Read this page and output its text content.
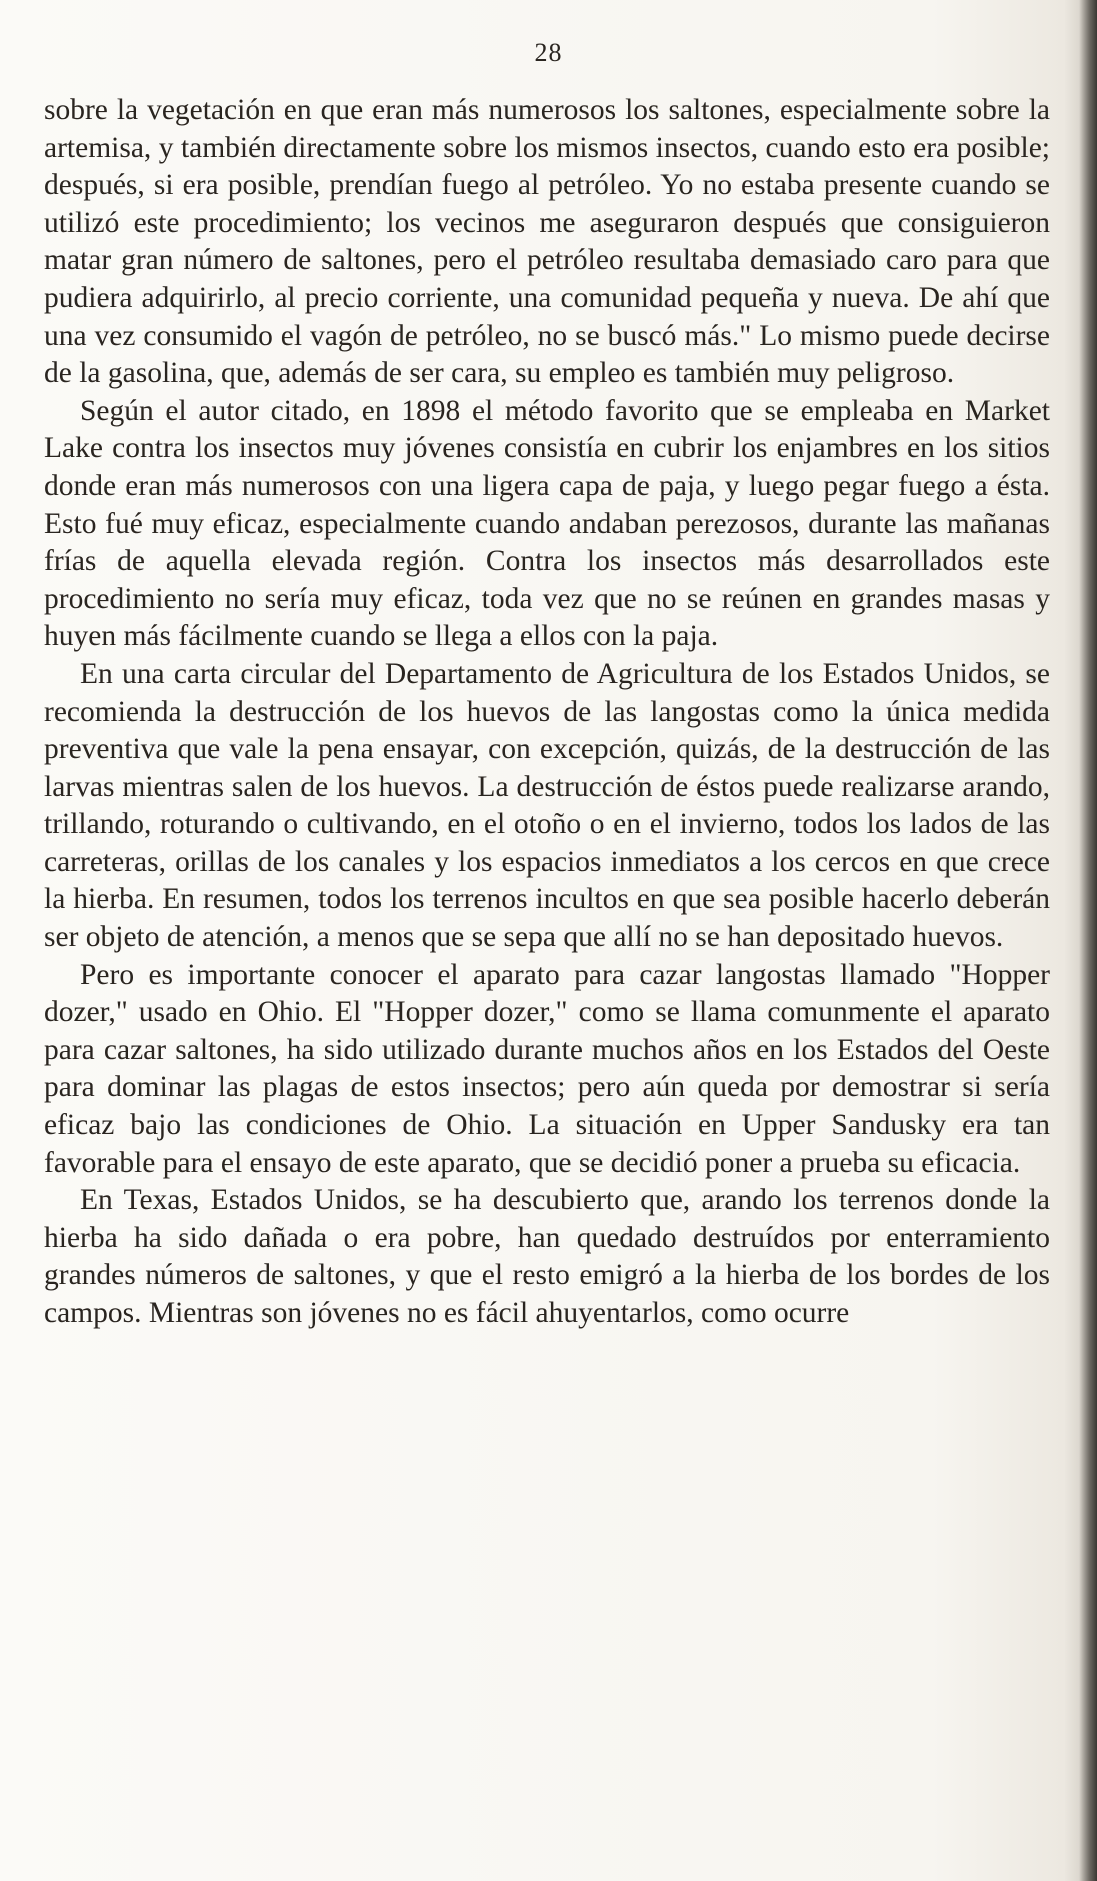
28

sobre la vegetación en que eran más numerosos los saltones, especialmente sobre la artemisa, y también directamente sobre los mismos insectos, cuando esto era posible; después, si era posible, prendían fuego al petróleo. Yo no estaba presente cuando se utilizó este procedimiento; los vecinos me aseguraron después que consiguieron matar gran número de saltones, pero el petróleo resultaba demasiado caro para que pudiera adquirirlo, al precio corriente, una comunidad pequeña y nueva. De ahí que una vez consumido el vagón de petróleo, no se buscó más." Lo mismo puede decirse de la gasolina, que, además de ser cara, su empleo es también muy peligroso.

Según el autor citado, en 1898 el método favorito que se empleaba en Market Lake contra los insectos muy jóvenes consistía en cubrir los enjambres en los sitios donde eran más numerosos con una ligera capa de paja, y luego pegar fuego a ésta. Esto fué muy eficaz, especialmente cuando andaban perezosos, durante las mañanas frías de aquella elevada región. Contra los insectos más desarrollados este procedimiento no sería muy eficaz, toda vez que no se reúnen en grandes masas y huyen más fácilmente cuando se llega a ellos con la paja.

En una carta circular del Departamento de Agricultura de los Estados Unidos, se recomienda la destrucción de los huevos de las langostas como la única medida preventiva que vale la pena ensayar, con excepción, quizás, de la destrucción de las larvas mientras salen de los huevos. La destrucción de éstos puede realizarse arando, trillando, roturando o cultivando, en el otoño o en el invierno, todos los lados de las carreteras, orillas de los canales y los espacios inmediatos a los cercos en que crece la hierba. En resumen, todos los terrenos incultos en que sea posible hacerlo deberán ser objeto de atención, a menos que se sepa que allí no se han depositado huevos.

Pero es importante conocer el aparato para cazar langostas llamado "Hopper dozer," usado en Ohio. El "Hopper dozer," como se llama comunmente el aparato para cazar saltones, ha sido utilizado durante muchos años en los Estados del Oeste para dominar las plagas de estos insectos; pero aún queda por demostrar si sería eficaz bajo las condiciones de Ohio. La situación en Upper Sandusky era tan favorable para el ensayo de este aparato, que se decidió poner a prueba su eficacia.

En Texas, Estados Unidos, se ha descubierto que, arando los terrenos donde la hierba ha sido dañada o era pobre, han quedado destruídos por enterramiento grandes números de saltones, y que el resto emigró a la hierba de los bordes de los campos. Mientras son jóvenes no es fácil ahuyentarlos, como ocurre
